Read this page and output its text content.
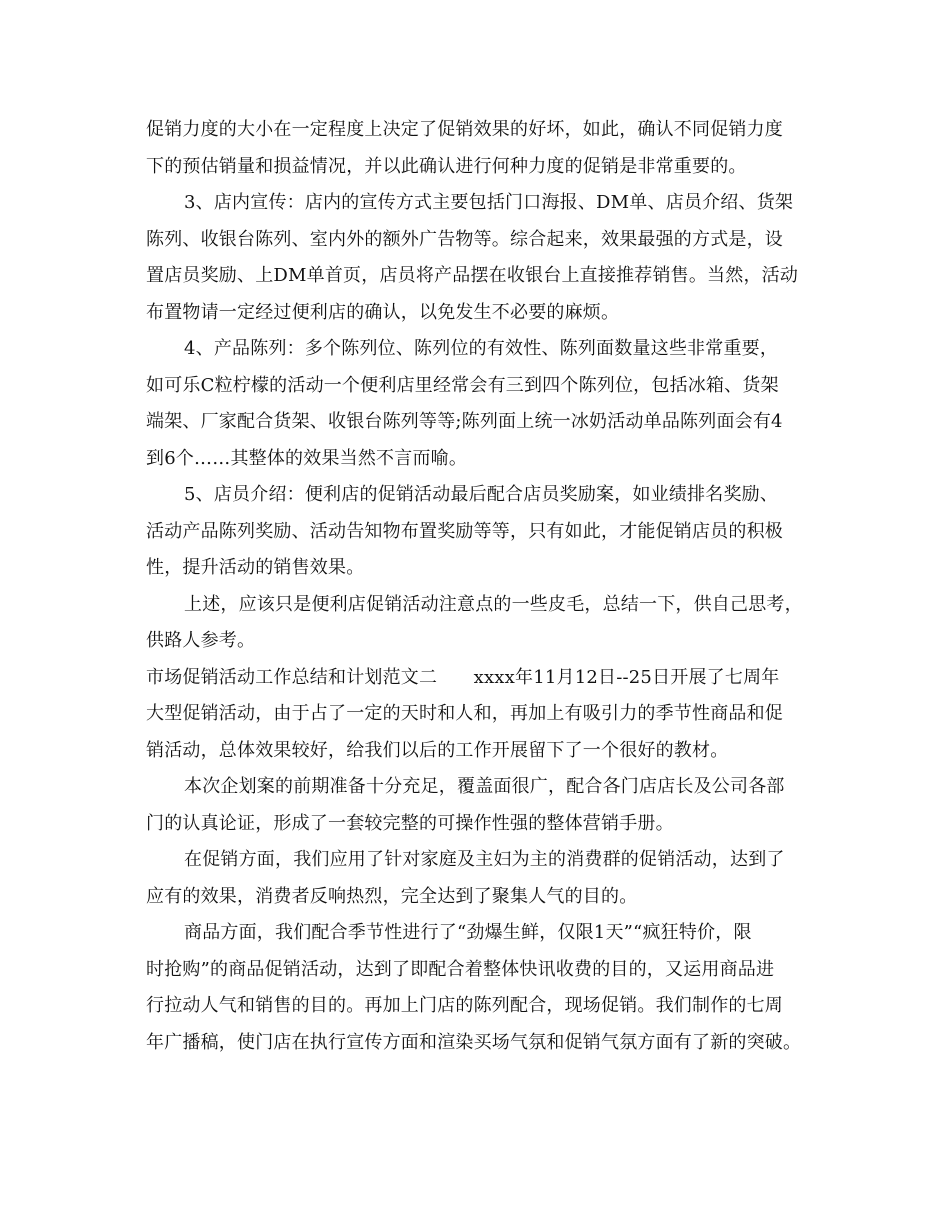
促销力度的大小在一定程度上决定了促销效果的好坏，如此，确认不同促销力度
下的预估销量和损益情况，并以此确认进行何种力度的促销是非常重要的。
3、店内宣传：店内的宣传方式主要包括门口海报、DM单、店员介绍、货架
陈列、收银台陈列、室内外的额外广告物等。综合起来，效果最强的方式是，设
置店员奖励、上DM单首页，店员将产品摆在收银台上直接推荐销售。当然，活动
布置物请一定经过便利店的确认，以免发生不必要的麻烦。
4、产品陈列：多个陈列位、陈列位的有效性、陈列面数量这些非常重要，
如可乐C粒柠檬的活动一个便利店里经常会有三到四个陈列位，包括冰箱、货架
端架、厂家配合货架、收银台陈列等等;陈列面上统一冰奶活动单品陈列面会有4
到6个……其整体的效果当然不言而喻。
5、店员介绍：便利店的促销活动最后配合店员奖励案，如业绩排名奖励、
活动产品陈列奖励、活动告知物布置奖励等等，只有如此，才能促销店员的积极
性，提升活动的销售效果。
上述，应该只是便利店促销活动注意点的一些皮毛，总结一下，供自己思考，
供路人参考。
市场促销活动工作总结和计划范文二　　xxxx年11月12日--25日开展了七周年
大型促销活动，由于占了一定的天时和人和，再加上有吸引力的季节性商品和促
销活动，总体效果较好，给我们以后的工作开展留下了一个很好的教材。
本次企划案的前期准备十分充足，覆盖面很广，配合各门店店长及公司各部
门的认真论证，形成了一套较完整的可操作性强的整体营销手册。
在促销方面，我们应用了针对家庭及主妇为主的消费群的促销活动，达到了
应有的效果，消费者反响热烈，完全达到了聚集人气的目的。
商品方面，我们配合季节性进行了“劲爆生鲜，仅限1天”“疯狂特价，限
时抢购”的商品促销活动，达到了即配合着整体快讯收费的目的，又运用商品进
行拉动人气和销售的目的。再加上门店的陈列配合，现场促销。我们制作的七周
年广播稿，使门店在执行宣传方面和渲染买场气氛和促销气氛方面有了新的突破。
